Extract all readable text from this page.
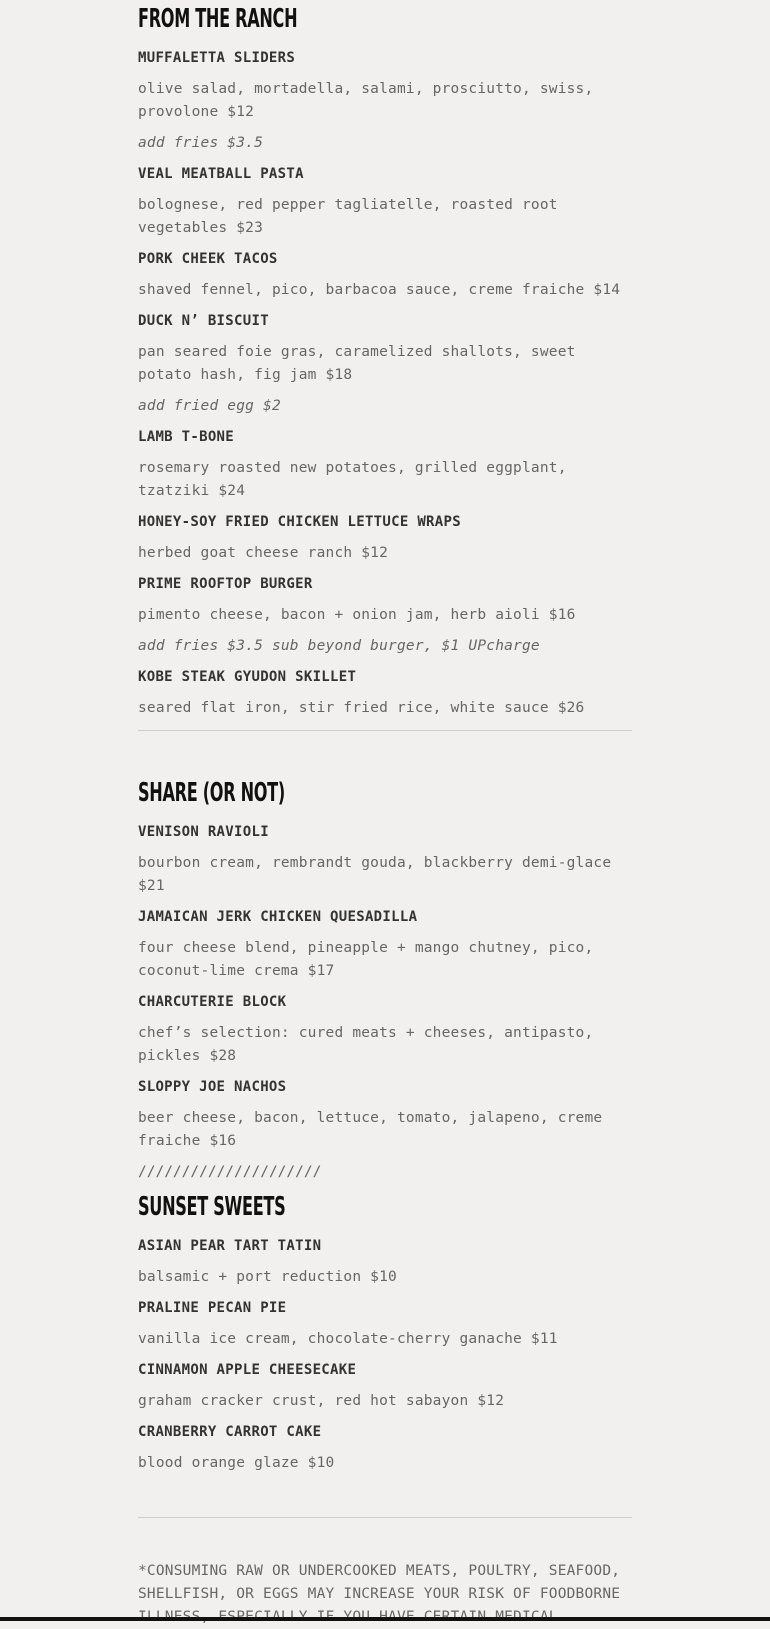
FROM THE RANCH

MUFFALETTA SLIDERS

olive salad, mortadella, salami, prosciutto, swiss, provolone $12

add fries $3.5

VEAL MEATBALL PASTA

bolognese, red pepper tagliatelle, roasted root vegetables $23

PORK CHEEK TACOS

shaved fennel, pico, barbacoa sauce, creme fraiche $14

DUCK N’ BISCUIT

pan seared foie gras, caramelized shallots, sweet potato hash, fig jam $18

add fried egg $2

LAMB T-BONE

rosemary roasted new potatoes, grilled eggplant, tzatziki $24

HONEY-SOY FRIED CHICKEN LETTUCE WRAPS

herbed goat cheese ranch $12

PRIME ROOFTOP BURGER

pimento cheese, bacon + onion jam, herb aioli $16

add fries $3.5 sub beyond burger, $1 UPcharge

KOBE STEAK GYUDON SKILLET

seared flat iron, stir fried rice, white sauce $26

SHARE (OR NOT)

VENISON RAVIOLI

bourbon cream, rembrandt gouda, blackberry demi-glace $21

JAMAICAN JERK CHICKEN QUESADILLA

four cheese blend, pineapple + mango chutney, pico, coconut-lime crema $17

CHARCUTERIE BLOCK

chef’s selection: cured meats + cheeses, antipasto, pickles $28

SLOPPY JOE NACHOS

beer cheese, bacon, lettuce, tomato, jalapeno, creme fraiche $16

/////////////////////

SUNSET SWEETS

ASIAN PEAR TART TATIN

balsamic + port reduction $10

PRALINE PECAN PIE

vanilla ice cream, chocolate-cherry ganache $11

CINNAMON APPLE CHEESECAKE

graham cracker crust, red hot sabayon $12

CRANBERRY CARROT CAKE

blood orange glaze $10

*CONSUMING RAW OR UNDERCOOKED MEATS, POULTRY, SEAFOOD, SHELLFISH, OR EGGS MAY INCREASE YOUR RISK OF FOODBORNE
